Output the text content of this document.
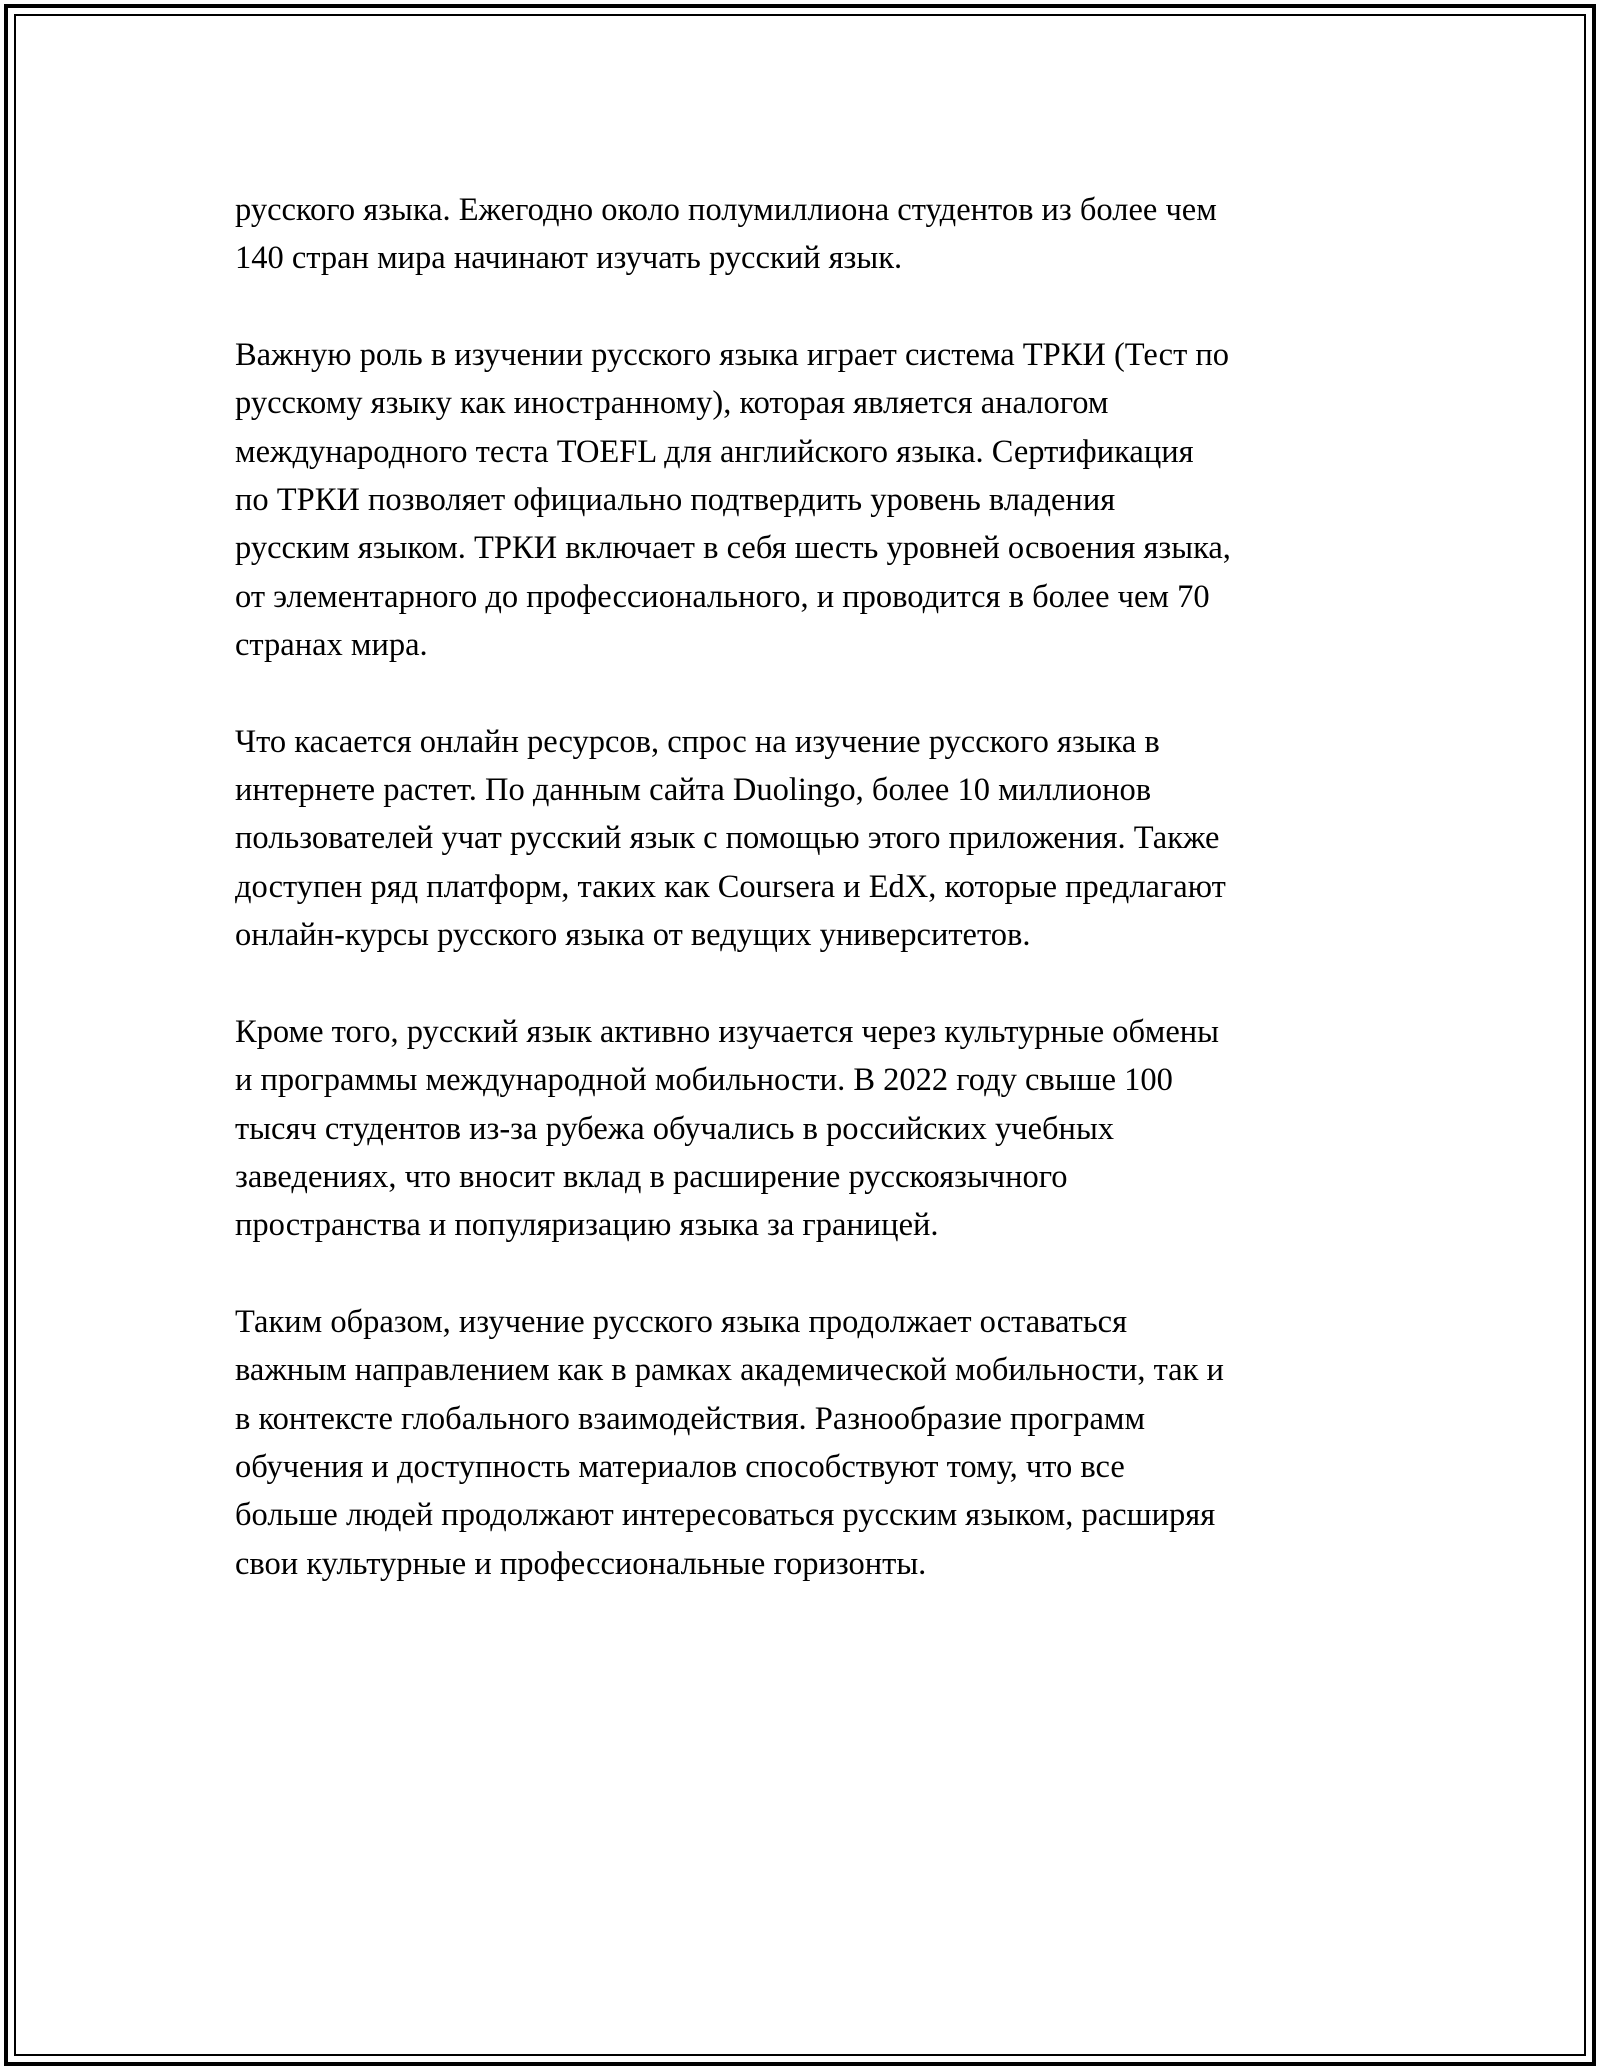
русского языка. Ежегодно около полумиллиона студентов из более чем
140 стран мира начинают изучать русский язык.

Важную роль в изучении русского языка играет система ТРКИ (Тест по
русскому языку как иностранному), которая является аналогом
международного теста TOEFL для английского языка. Сертификация
по ТРКИ позволяет официально подтвердить уровень владения
русским языком. ТРКИ включает в себя шесть уровней освоения языка,
от элементарного до профессионального, и проводится в более чем 70
странах мира.

Что касается онлайн ресурсов, спрос на изучение русского языка в
интернете растет. По данным сайта Duolingo, более 10 миллионов
пользователей учат русский язык с помощью этого приложения. Также
доступен ряд платформ, таких как Coursera и EdX, которые предлагают
онлайн-курсы русского языка от ведущих университетов.

Кроме того, русский язык активно изучается через культурные обмены
и программы международной мобильности. В 2022 году свыше 100
тысяч студентов из-за рубежа обучались в российских учебных
заведениях, что вносит вклад в расширение русскоязычного
пространства и популяризацию языка за границей.

Таким образом, изучение русского языка продолжает оставаться
важным направлением как в рамках академической мобильности, так и
в контексте глобального взаимодействия. Разнообразие программ
обучения и доступность материалов способствуют тому, что все
больше людей продолжают интересоваться русским языком, расширяя
свои культурные и профессиональные горизонты.
